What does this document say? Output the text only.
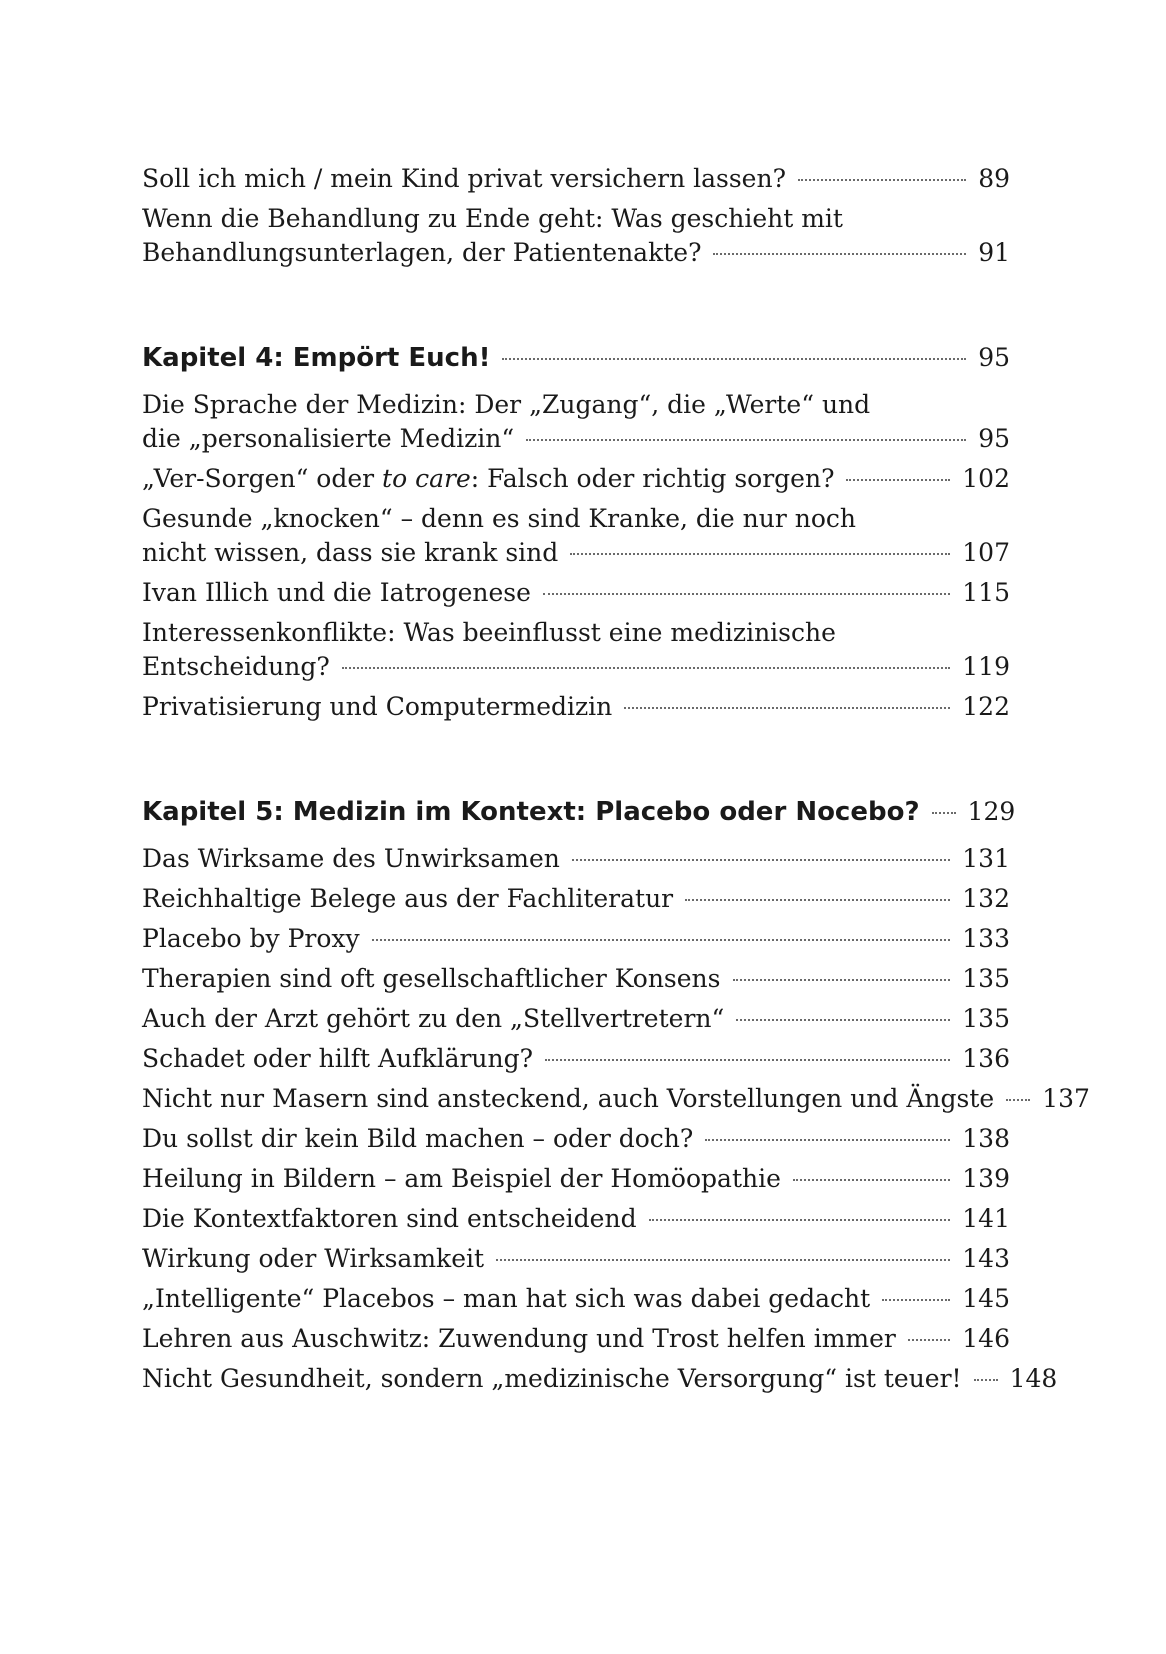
Soll ich mich / mein Kind privat versichern lassen?	89
Wenn die Behandlung zu Ende geht: Was geschieht mit
Behandlungsunterlagen, der Patientenakte?	91
Kapitel 4: Empört Euch!	95
Die Sprache der Medizin: Der „Zugang“, die „Werte“ und
die „personalisierte Medizin“	95
„Ver-Sorgen“ oder to care: Falsch oder richtig sorgen?	102
Gesunde „knocken“ – denn es sind Kranke, die nur noch
nicht wissen, dass sie krank sind	107
Ivan Illich und die Iatrogenese	115
Interessenkonflikte: Was beeinflusst eine medizinische
Entscheidung?	119
Privatisierung und Computermedizin	122
Kapitel 5: Medizin im Kontext: Placebo oder Nocebo? 129
Das Wirksame des Unwirksamen	131
Reichhaltige Belege aus der Fachliteratur	132
Placebo by Proxy	133
Therapien sind oft gesellschaftlicher Konsens	135
Auch der Arzt gehört zu den „Stellvertretern“	135
Schadet oder hilft Aufklärung?	136
Nicht nur Masern sind ansteckend, auch Vorstellungen und Ängste 137
Du sollst dir kein Bild machen – oder doch?	138
Heilung in Bildern – am Beispiel der Homöopathie	139
Die Kontextfaktoren sind entscheidend	141
Wirkung oder Wirksamkeit	143
„Intelligente“ Placebos – man hat sich was dabei gedacht	145
Lehren aus Auschwitz: Zuwendung und Trost helfen immer	146
Nicht Gesundheit, sondern „medizinische Versorgung“ ist teuer! 148
